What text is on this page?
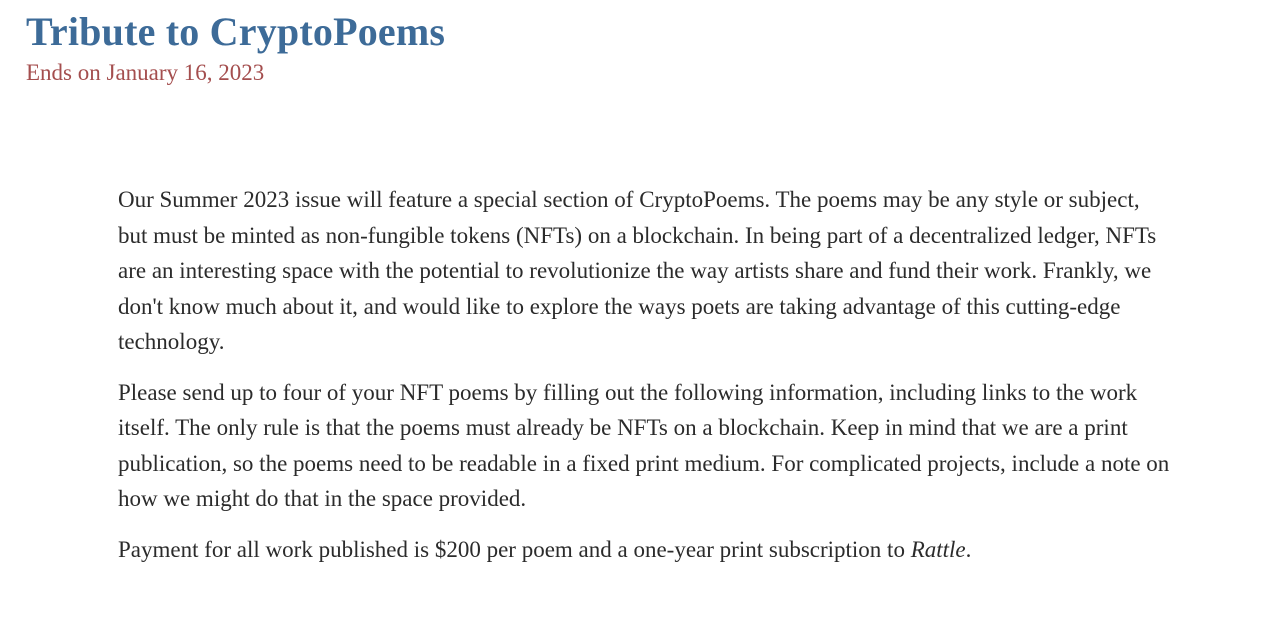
Tribute to CryptoPoems
Ends on January 16, 2023

Our Summer 2023 issue will feature a special section of CryptoPoems. The poems may be any style or subject, but must be minted as non-fungible tokens (NFTs) on a blockchain. In being part of a decentralized ledger, NFTs are an interesting space with the potential to revolutionize the way artists share and fund their work. Frankly, we don't know much about it, and would like to explore the ways poets are taking advantage of this cutting-edge technology.

Please send up to four of your NFT poems by filling out the following information, including links to the work itself. The only rule is that the poems must already be NFTs on a blockchain. Keep in mind that we are a print publication, so the poems need to be readable in a fixed print medium. For complicated projects, include a note on how we might do that in the space provided.

Payment for all work published is $200 per poem and a one-year print subscription to Rattle.
